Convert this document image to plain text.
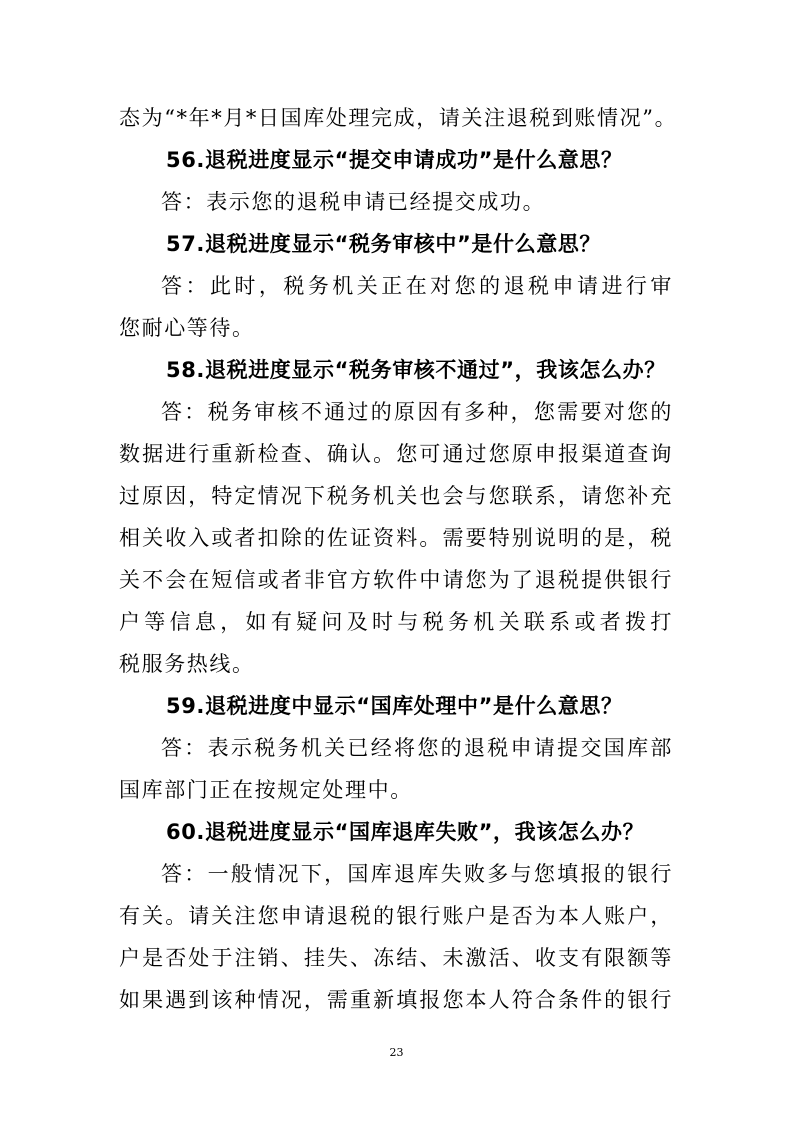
态为“*年*月*日国库处理完成，请关注退税到账情况”。
56.退税进度显示“提交申请成功”是什么意思？
答：表示您的退税申请已经提交成功。
57.退税进度显示“税务审核中”是什么意思？
答：此时，税务机关正在对您的退税申请进行审
您耐心等待。
58.退税进度显示“税务审核不通过”，我该怎么办？
答：税务审核不通过的原因有多种，您需要对您的
数据进行重新检查、确认。您可通过您原申报渠道查询
过原因，特定情况下税务机关也会与您联系，请您补充
相关收入或者扣除的佐证资料。需要特别说明的是，税
关不会在短信或者非官方软件中请您为了退税提供银行
户等信息，如有疑问及时与税务机关联系或者拨打
税服务热线。
59.退税进度中显示“国库处理中”是什么意思？
答：表示税务机关已经将您的退税申请提交国库部
国库部门正在按规定处理中。
60.退税进度显示“国库退库失败”，我该怎么办？
答：一般情况下，国库退库失败多与您填报的银行
有关。请关注您申请退税的银行账户是否为本人账户，
户是否处于注销、挂失、冻结、未激活、收支有限额等
如果遇到该种情况，需重新填报您本人符合条件的银行
23
